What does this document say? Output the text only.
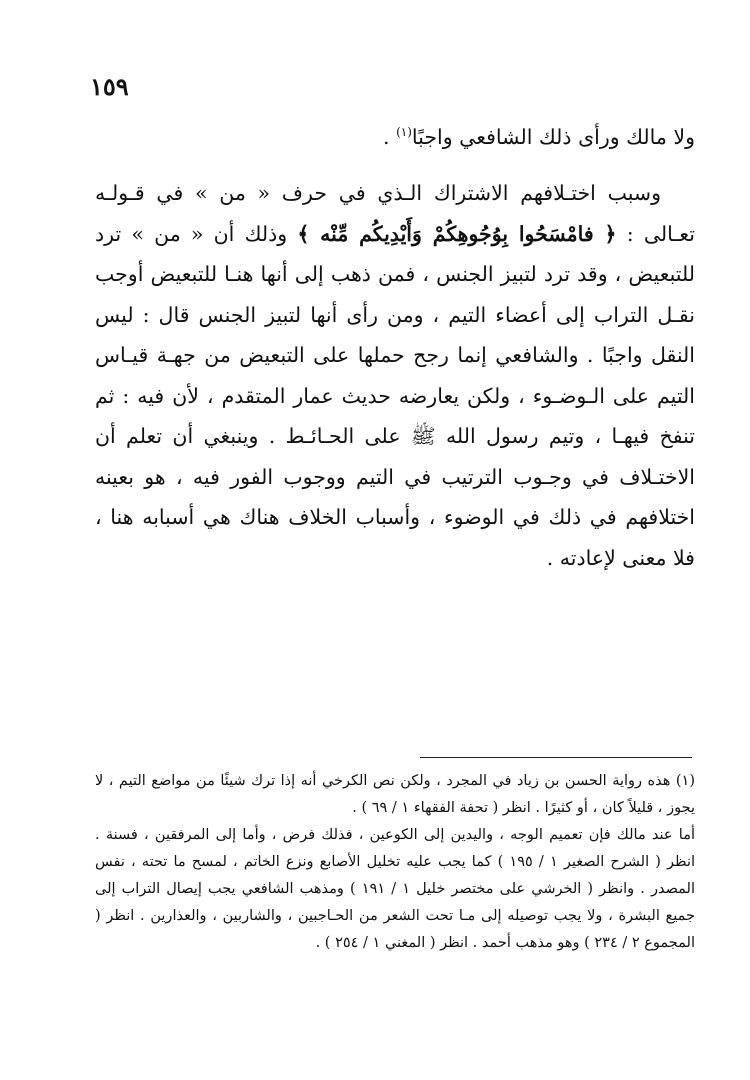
١٥٩

ولا مالك ورأى ذلك الشافعي واجبًا$^{(١)}$ .

وسبب اختـلافهم الاشتراك الـذي في حرف « من » في قـولـه تعـالى : ﴿ فامْسَحُوا بِوُجُوهِكُمْ وَأَيْدِيكُم مِّنْه ﴾ وذلك أن « من » ترد للتبعيض ، وقد ترد لتبيز الجنس ، فمن ذهب إلى أنها هنـا للتبعيض أوجب نقـل التراب إلى أعضاء التيم ، ومن رأى أنها لتبيز الجنس قال : ليس النقل واجبًا . والشافعي إنما رجح حملها على التبعيض من جهـة قيـاس التيم على الـوضـوء ، ولكن يعارضه حديث عمار المتقدم ، لأن فيه : ثم تنفخ فيهـا ، وتيم رسول الله ﷺ على الحـائـط . وينبغي أن تعلم أن الاختـلاف في وجـوب الترتيب في التيم ووجوب الفور فيه ، هو بعينه اختلافهم في ذلك في الوضوء ، وأسباب الخلاف هناك هي أسبابه هنا ، فلا معنى لإعادته .

(١) هذه رواية الحسن بن زياد في المجرد ، ولكن نص الكرخي أنه إذا ترك شيئًا من مواضع التيم ، لا يجوز ، قليلاً كان ، أو كثيرًا . انظر ( تحفة الفقهاء ١ / ٦٩ ) .

أما عند مالك فإن تعميم الوجه ، واليدين إلى الكوعين ، فذلك فرض ، وأما إلى المرفقين ، فسنة . انظر ( الشرح الصغير ١ / ١٩٥ ) كما يجب عليه تخليل الأصابع ونزع الخاتم ، لمسح ما تحته ، نفس المصدر . وانظر ( الخرشي على مختصر خليل ١ / ١٩١ ) ومذهب الشافعي يجب إيصال التراب إلى جميع البشرة ، ولا يجب توصيله إلى مـا تحت الشعر من الحـاجبين ، والشاربين ، والعذارين . انظر ( المجموع ٢ / ٢٣٤ ) وهو مذهب أحمد . انظر ( المغني ١ / ٢٥٤ ) .
